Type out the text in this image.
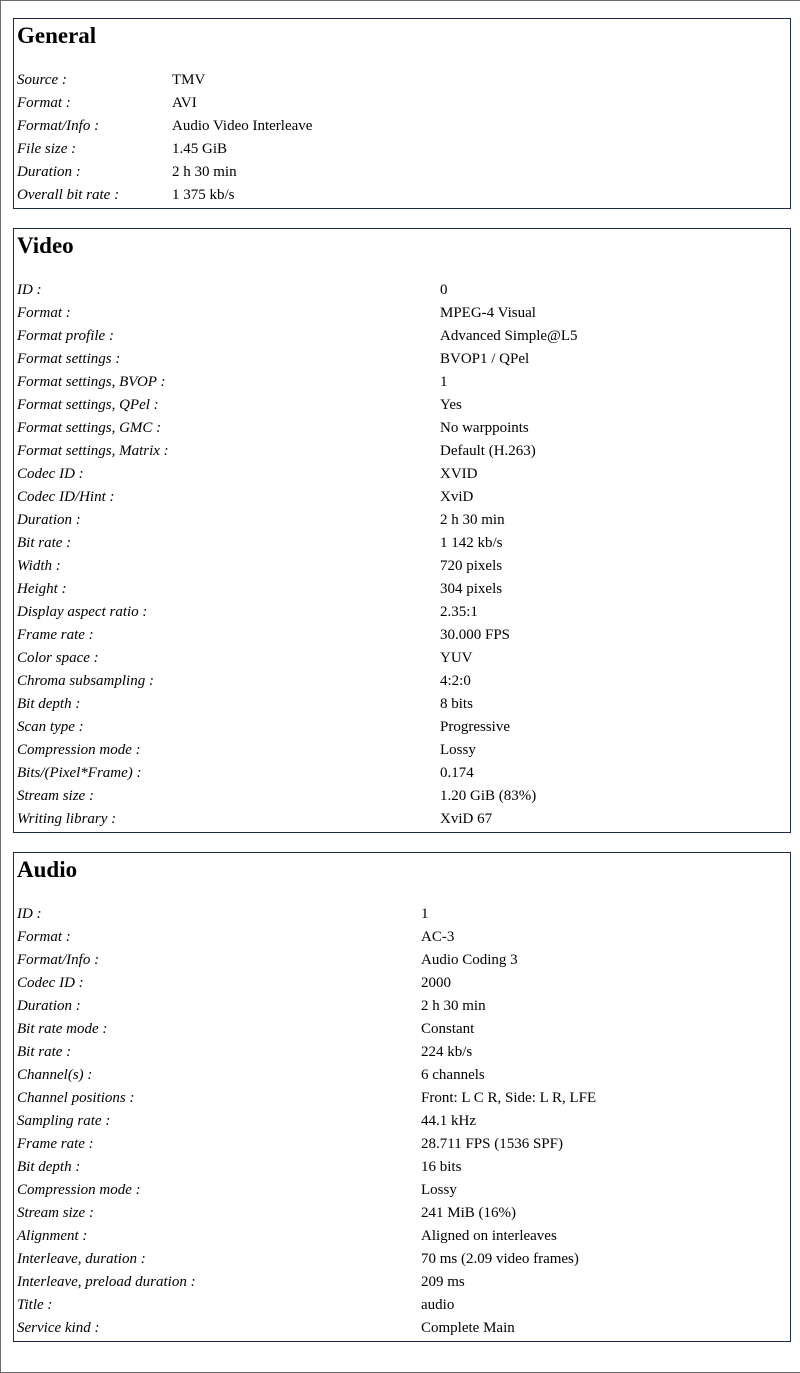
General
Source :	TMV
Format :	AVI
Format/Info :	Audio Video Interleave
File size :	1.45 GiB
Duration :	2 h 30 min
Overall bit rate :	1 375 kb/s
Video
ID :	0
Format :	MPEG-4 Visual
Format profile :	Advanced Simple@L5
Format settings :	BVOP1 / QPel
Format settings, BVOP :	1
Format settings, QPel :	Yes
Format settings, GMC :	No warppoints
Format settings, Matrix :	Default (H.263)
Codec ID :	XVID
Codec ID/Hint :	XviD
Duration :	2 h 30 min
Bit rate :	1 142 kb/s
Width :	720 pixels
Height :	304 pixels
Display aspect ratio :	2.35:1
Frame rate :	30.000 FPS
Color space :	YUV
Chroma subsampling :	4:2:0
Bit depth :	8 bits
Scan type :	Progressive
Compression mode :	Lossy
Bits/(Pixel*Frame) :	0.174
Stream size :	1.20 GiB (83%)
Writing library :	XviD 67
Audio
ID :	1
Format :	AC-3
Format/Info :	Audio Coding 3
Codec ID :	2000
Duration :	2 h 30 min
Bit rate mode :	Constant
Bit rate :	224 kb/s
Channel(s) :	6 channels
Channel positions :	Front: L C R, Side: L R, LFE
Sampling rate :	44.1 kHz
Frame rate :	28.711 FPS (1536 SPF)
Bit depth :	16 bits
Compression mode :	Lossy
Stream size :	241 MiB (16%)
Alignment :	Aligned on interleaves
Interleave, duration :	70 ms (2.09 video frames)
Interleave, preload duration :	209 ms
Title :	audio
Service kind :	Complete Main
